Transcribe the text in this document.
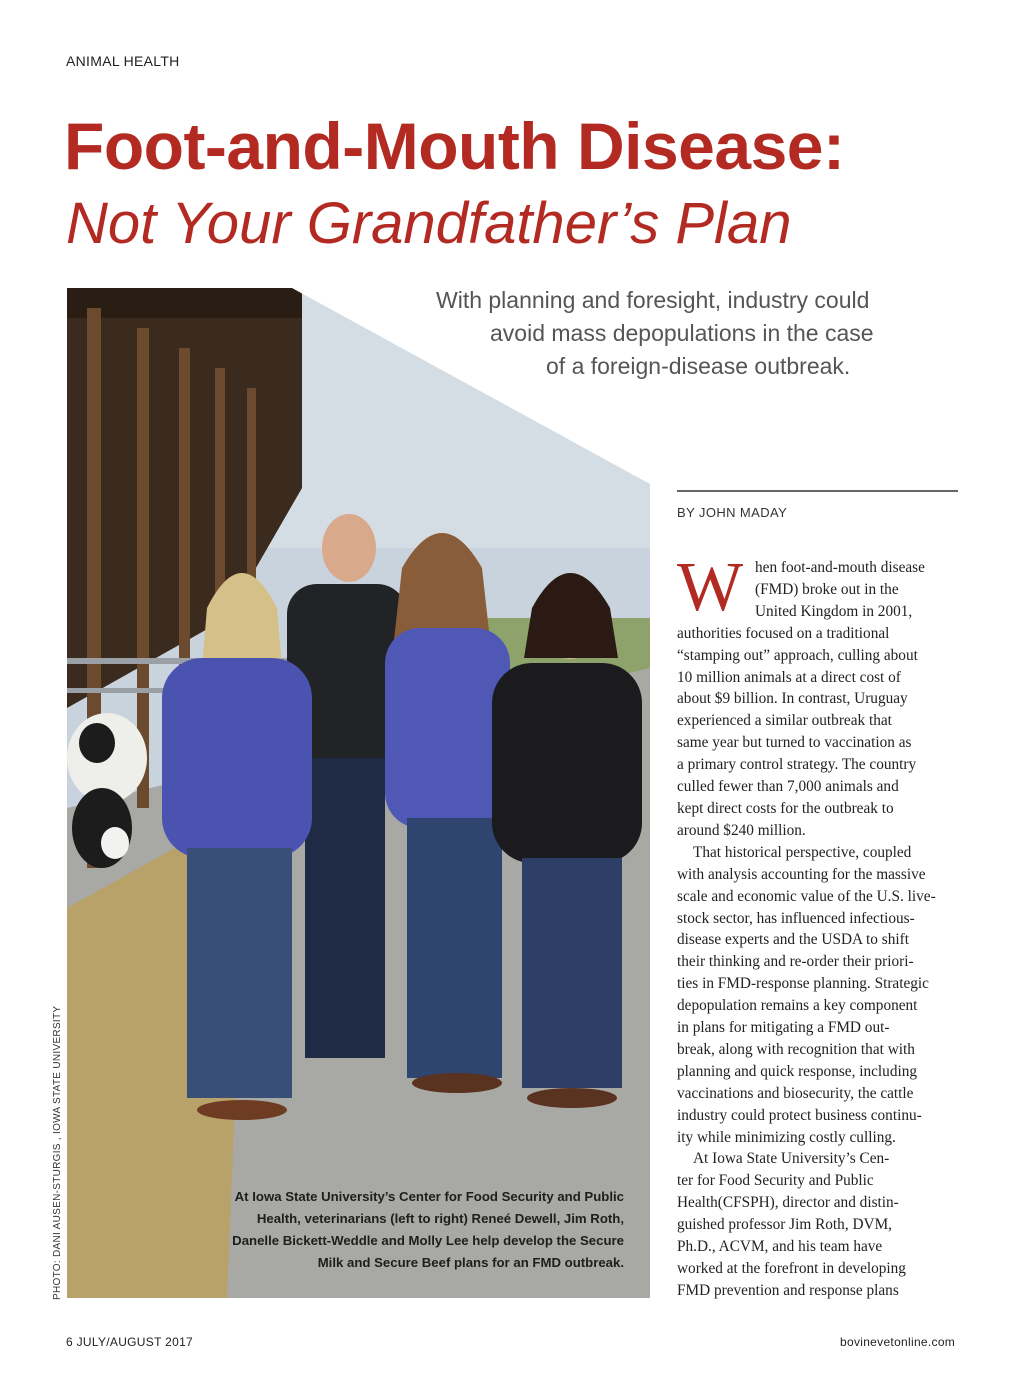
ANIMAL HEALTH
Foot-and-Mouth Disease:
Not Your Grandfather’s Plan
With planning and foresight, industry could
avoid mass depopulations in the case
of a foreign-disease outbreak.
At Iowa State University’s Center for Food Security and Public
Health, veterinarians (left to right) Reneé Dewell, Jim Roth,
Danelle Bickett-Weddle and Molly Lee help develop the Secure
Milk and Secure Beef plans for an FMD outbreak.
PHOTO: DANI AUSEN-STURGIS , IOWA STATE UNIVERSITY
BY JOHN MADAY
W hen foot-and-mouth disease
(FMD) broke out in the
United Kingdom in 2001,
authorities focused on a traditional
“stamping out” approach, culling about
10 million animals at a direct cost of
about $9 billion. In contrast, Uruguay
experienced a similar outbreak that
same year but turned to vaccination as
a primary control strategy. The country
culled fewer than 7,000 animals and
kept direct costs for the outbreak to
around $240 million.
That historical perspective, coupled
with analysis accounting for the massive
scale and economic value of the U.S. live-
stock sector, has influenced infectious-
disease experts and the USDA to shift
their thinking and re-order their priori-
ties in FMD-response planning. Strategic
depopulation remains a key component
in plans for mitigating a FMD out-
break, along with recognition that with
planning and quick response, including
vaccinations and biosecurity, the cattle
industry could protect business continu-
ity while minimizing costly culling.
At Iowa State University’s Cen-
ter for Food Security and Public
Health(CFSPH), director and distin-
guished professor Jim Roth, DVM,
Ph.D., ACVM, and his team have
worked at the forefront in developing
FMD prevention and response plans
6 JULY/AUGUST 2017	bovinevetonline.com
